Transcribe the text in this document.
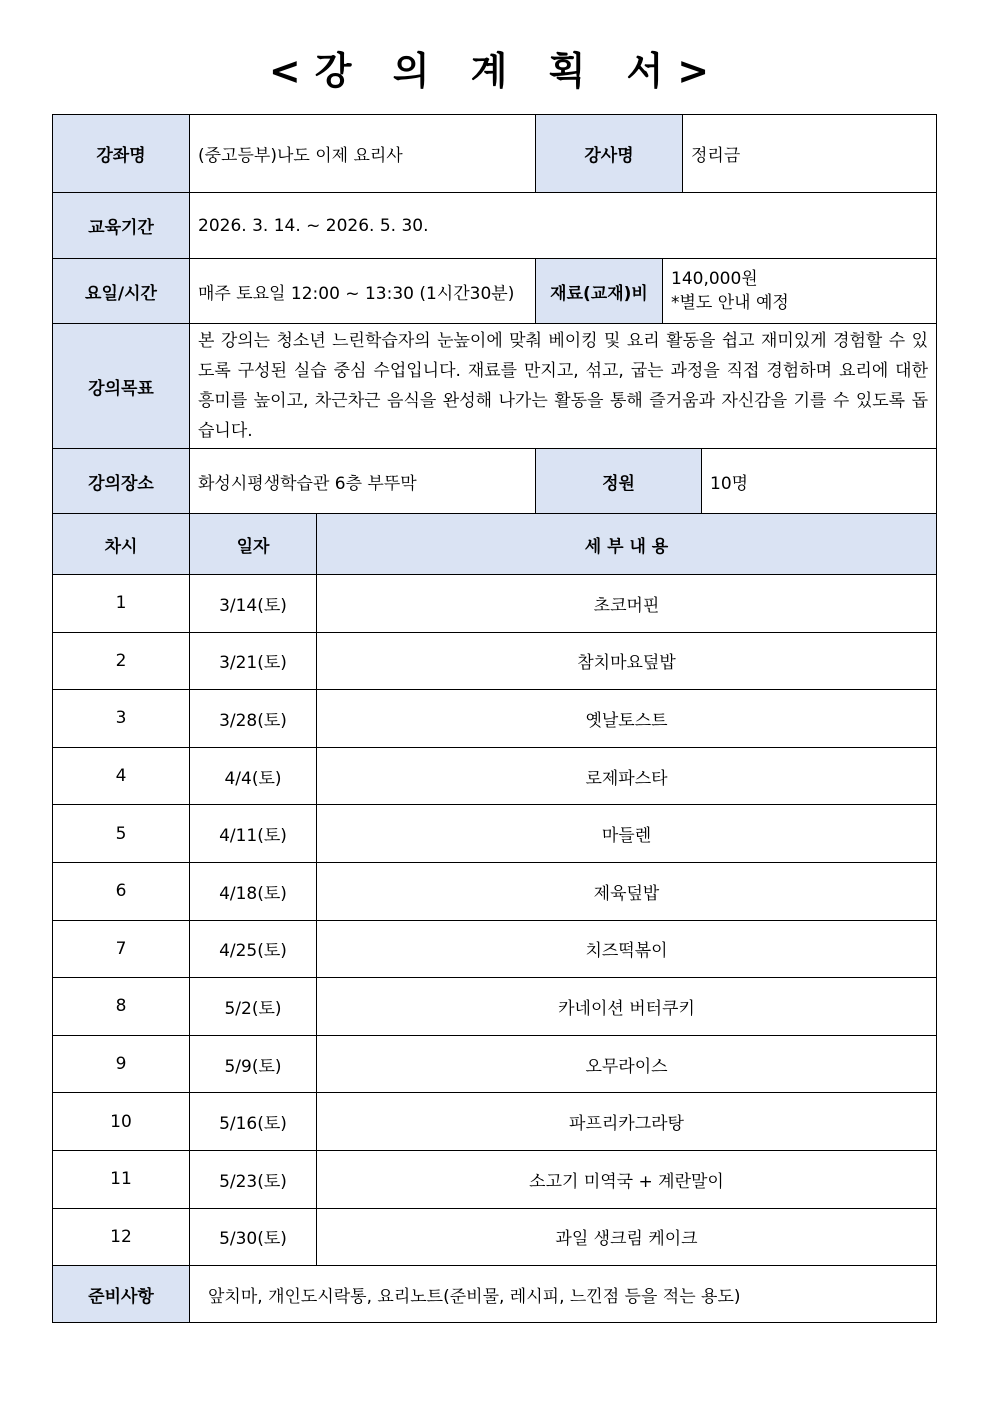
<강 의 계 획 서>
강좌명	(중고등부)나도 이제 요리사		강사명		정리금	
교육기간	2026. 3. 14. ~ 2026. 5. 30.					
요일/시간	매주 토요일 12:00 ~ 13:30 (1시간30분)		재료(교재)비	140,000원
*별도 안내 예정		

강의목표	본 강의는 청소년 느린학습자의 눈높이에 맞춰 베이킹 및 요리 활동을 쉽고 재미있게 경험할 수 있도록 구성된 실습 중심 수업입니다. 재료를 만지고, 섞고, 굽는 과정을 직접 경험하며 요리에 대한 흥미를 높이고, 차근차근 음식을 완성해 나가는 활동을 통해 즐거움과 자신감을 기를 수 있도록 돕습니다.					
강의장소	화성시평생학습관 6층 부뚜막		정원			10명
차시	일자	세 부 내 용				
1	3/14(토)	초코머핀				
2	3/21(토)	참치마요덮밥				
3	3/28(토)	옛날토스트				
4	4/4(토)	로제파스타				
5	4/11(토)	마들렌				
6	4/18(토)	제육덮밥				
7	4/25(토)	치즈떡볶이				
8	5/2(토)	카네이션 버터쿠키				
9	5/9(토)	오무라이스				
10	5/16(토)	파프리카그라탕				
11	5/23(토)	소고기 미역국 + 계란말이				
12	5/30(토)	과일 생크림 케이크				
준비사항	앞치마, 개인도시락통, 요리노트(준비물, 레시피, 느낀점 등을 적는 용도)					
